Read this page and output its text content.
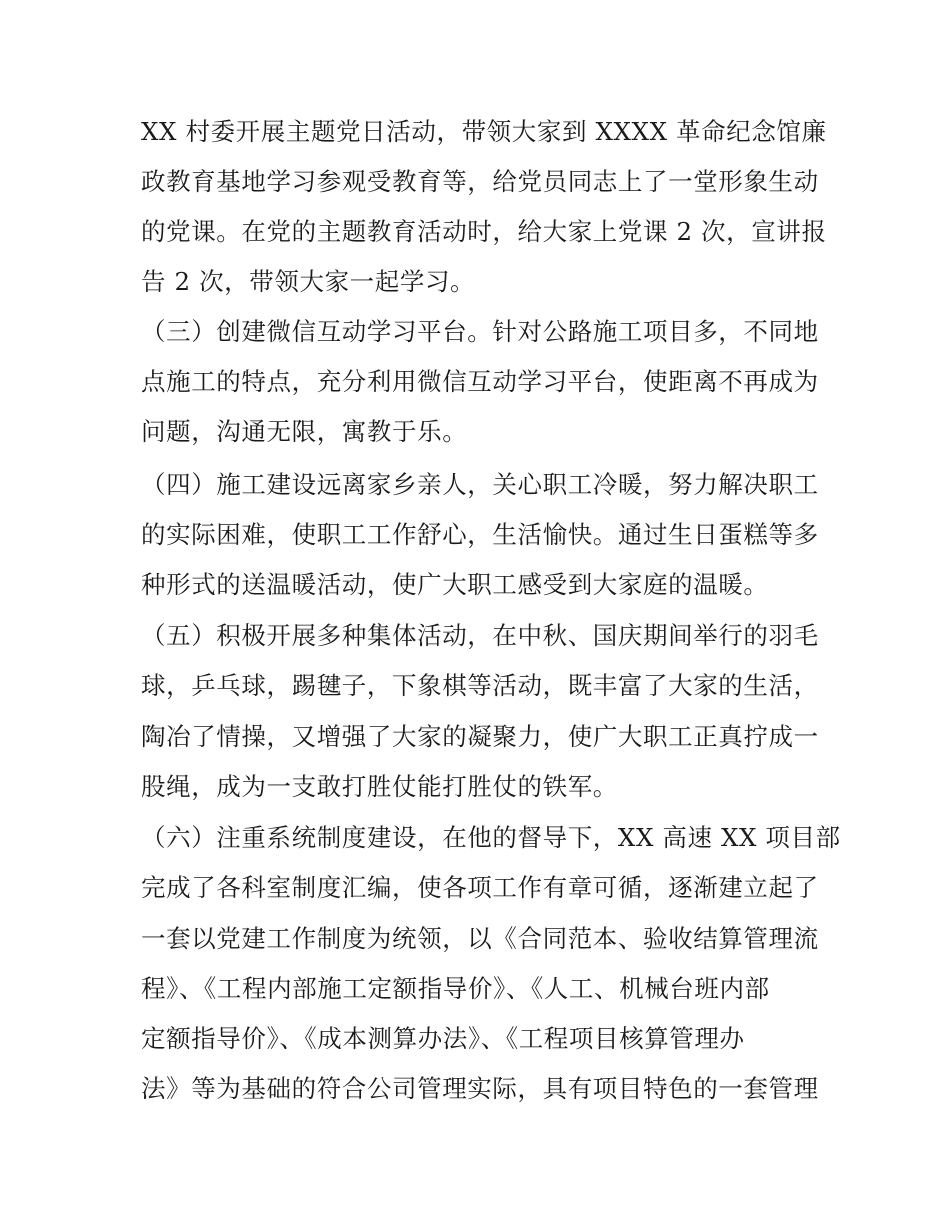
XX 村委开展主题党日活动，带领大家到 XXXX 革命纪念馆廉
政教育基地学习参观受教育等，给党员同志上了一堂形象生动
的党课。在党的主题教育活动时，给大家上党课 2 次，宣讲报
告 2 次，带领大家一起学习。
（三）创建微信互动学习平台。针对公路施工项目多，不同地
点施工的特点，充分利用微信互动学习平台，使距离不再成为
问题，沟通无限，寓教于乐。
（四）施工建设远离家乡亲人，关心职工冷暖，努力解决职工
的实际困难，使职工工作舒心，生活愉快。通过生日蛋糕等多
种形式的送温暖活动，使广大职工感受到大家庭的温暖。
（五）积极开展多种集体活动，在中秋、国庆期间举行的羽毛
球，乒乓球，踢毽子，下象棋等活动，既丰富了大家的生活，
陶冶了情操，又增强了大家的凝聚力，使广大职工正真拧成一
股绳，成为一支敢打胜仗能打胜仗的铁军。
（六）注重系统制度建设，在他的督导下，XX 高速 XX 项目部
完成了各科室制度汇编，使各项工作有章可循，逐渐建立起了
一套以党建工作制度为统领，以《合同范本、验收结算管理流
程》、《工程内部施工定额指导价》、《人工、机械台班内部
定额指导价》、《成本测算办法》、《工程项目核算管理办
法》等为基础的符合公司管理实际，具有项目特色的一套管理
